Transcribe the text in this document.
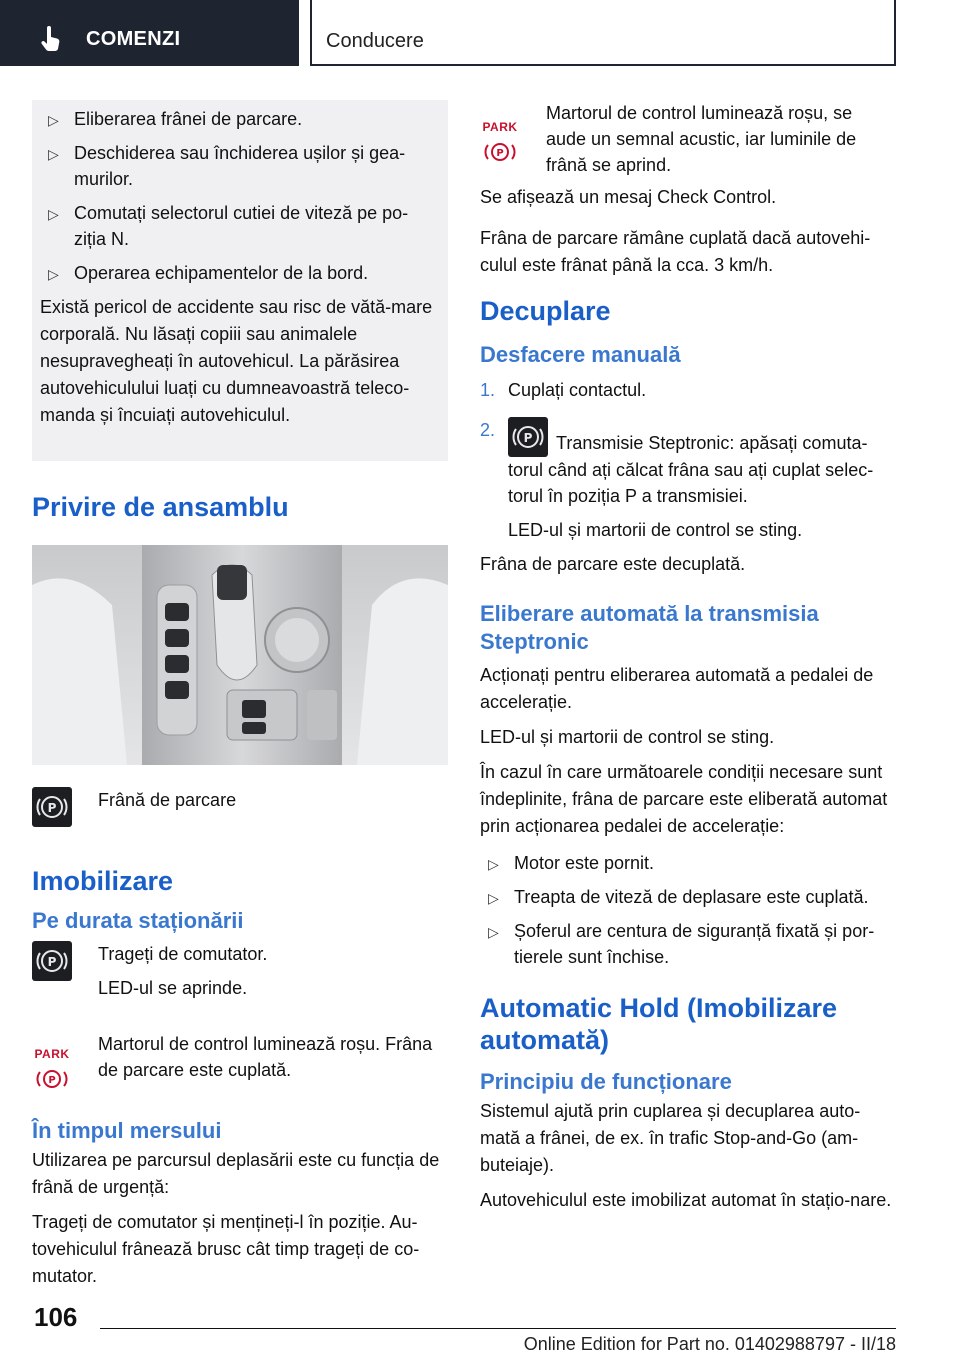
COMENZI	Conducere
▷ Eliberarea frânei de parcare.
▷ Deschiderea sau închiderea ușilor și gea-murilor.
▷ Comutați selectorul cutiei de viteză pe po-ziția N.
▷ Operarea echipamentelor de la bord.

Există pericol de accidente sau risc de vătă-mare corporală. Nu lăsați copiii sau animalele nesupravegheați în autovehicul. La părăsirea autovehiculului luați cu dumneavoastră teleco-manda și încuiați autovehiculul.

Privire de ansamblu
P Frână de parcare
Imobilizare
Pe durata staționării
P Trageți de comutator.
LED-ul se aprinde.
PARK
P
Martorul de control luminează roșu. Frâna de parcare este cuplată.
În timpul mersului

Utilizarea pe parcursul deplasării este cu funcția de frână de urgență:

Trageți de comutator și mențineți-l în poziție. Au-tovehiculul frânează brusc cât timp trageți de co-mutator.

PARK
P
Martorul de control luminează roșu, se aude un semnal acustic, iar luminile de frână se aprind.

Se afișează un mesaj Check Control.

Frâna de parcare rămâne cuplată dacă autovehi-culul este frânat până la cca. 3 km/h.

Decuplare
Desfacere manuală
1. Cuplați contactul.
2. P Transmisie Steptronic: apăsați comuta-torul când ați călcat frâna sau ați cuplat selec-torul în poziția P a transmisiei.
LED-ul și martorii de control se sting.

Frâna de parcare este decuplată.

Eliberare automată la transmisia Steptronic

Acționați pentru eliberarea automată a pedalei de accelerație.

LED-ul și martorii de control se sting.

În cazul în care următoarele condiții necesare sunt îndeplinite, frâna de parcare este eliberată automat prin acționarea pedalei de accelerație:

▷ Motor este pornit.
▷ Treapta de viteză de deplasare este cuplată.
▷ Șoferul are centura de siguranță fixată și por-tierele sunt închise.
Automatic Hold (Imobilizare automată)
Principiu de funcționare

Sistemul ajută prin cuplarea și decuplarea auto-mată a frânei, de ex. în trafic Stop-and-Go (am-buteiaje).

Autovehiculul este imobilizat automat în stațio-nare.

106
Online Edition for Part no. 01402988797 - II/18
